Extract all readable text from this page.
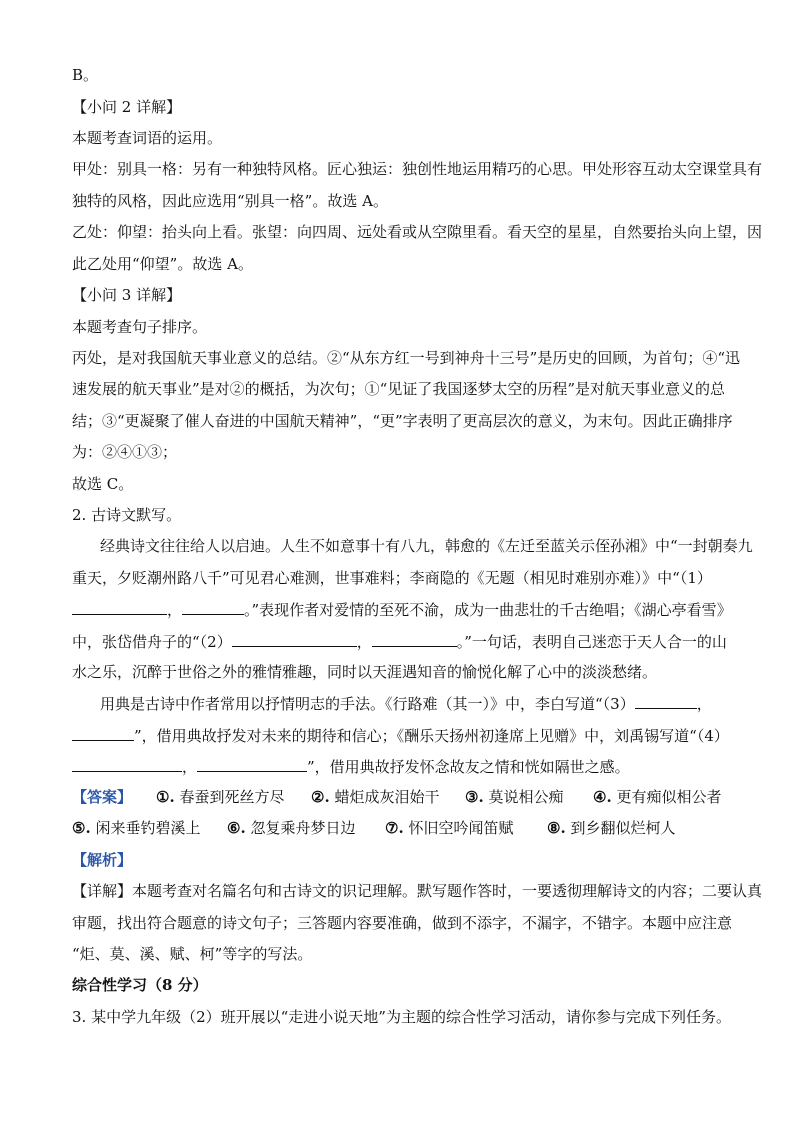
B。
【小问 2 详解】
本题考查词语的运用。
甲处：别具一格：另有一种独特风格。匠心独运：独创性地运用精巧的心思。甲处形容互动太空课堂具有
独特的风格，因此应选用“别具一格”。故选 A。
乙处：仰望：抬头向上看。张望：向四周、远处看或从空隙里看。看天空的星星，自然要抬头向上望，因
此乙处用“仰望”。故选 A。
【小问 3 详解】
本题考查句子排序。
丙处，是对我国航天事业意义的总结。②“从东方红一号到神舟十三号”是历史的回顾，为首句；④“迅
速发展的航天事业”是对②的概括，为次句；①“见证了我国逐梦太空的历程”是对航天事业意义的总
结；③“更凝聚了催人奋进的中国航天精神”，“更”字表明了更高层次的意义，为末句。因此正确排序
为：②④①③；
故选 C。
2. 古诗文默写。
经典诗文往往给人以启迪。人生不如意事十有八九，韩愈的《左迁至蓝关示侄孙湘》中“一封朝奏九
重天，夕贬潮州路八千”可见君心难测，世事难料；李商隐的《无题（相见时难别亦难）》中“（1）
，	。”表现作者对爱情的至死不渝，成为一曲悲壮的千古绝唱；《湖心亭看雪》
中，张岱借舟子的“（2）	，	。”一句话，表明自己迷恋于天人合一的山
水之乐，沉醉于世俗之外的雅情雅趣，同时以天涯遇知音的愉悦化解了心中的淡淡愁绪。
用典是古诗中作者常用以抒情明志的手法。《行路难（其一）》中，李白写道“（3）	，
”，借用典故抒发对未来的期待和信心；《酬乐天扬州初逢席上见赠》中，刘禹锡写道“（4）
，	”，借用典故抒发怀念故友之情和恍如隔世之感。
【答案】 ①. 春蚕到死丝方尽 ②. 蜡炬成灰泪始干 ③. 莫说相公痴 ④. 更有痴似相公者
⑤. 闲来垂钓碧溪上 ⑥. 忽复乘舟梦日边 ⑦. 怀旧空吟闻笛赋 ⑧. 到乡翻似烂柯人
【解析】
【详解】本题考查对名篇名句和古诗文的识记理解。默写题作答时，一要透彻理解诗文的内容；二要认真
审题，找出符合题意的诗文句子；三答题内容要准确，做到不添字，不漏字，不错字。本题中应注意
“炬、莫、溪、赋、柯”等字的写法。
综合性学习（8 分）
3. 某中学九年级（2）班开展以“走进小说天地”为主题的综合性学习活动，请你参与完成下列任务。
